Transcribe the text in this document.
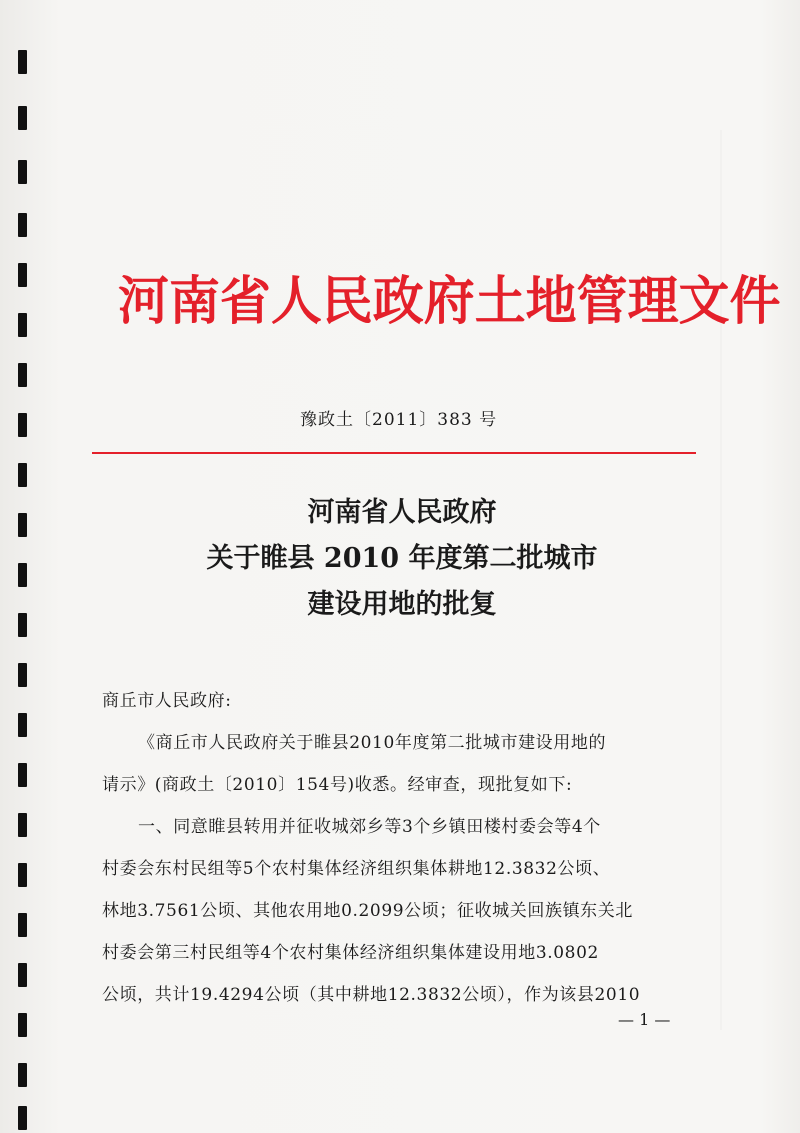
河南省人民政府土地管理文件
豫政土〔2011〕383 号
河南省人民政府
关于睢县 2010 年度第二批城市
建设用地的批复

商丘市人民政府:

《商丘市人民政府关于睢县2010年度第二批城市建设用地的

请示》(商政土〔2010〕154号)收悉。经审查，现批复如下:

一、同意睢县转用并征收城郊乡等3个乡镇田楼村委会等4个

村委会东村民组等5个农村集体经济组织集体耕地12.3832公顷、

林地3.7561公顷、其他农用地0.2099公顷；征收城关回族镇东关北

村委会第三村民组等4个农村集体经济组织集体建设用地3.0802

公顷，共计19.4294公顷（其中耕地12.3832公顷），作为该县2010

— 1 —
